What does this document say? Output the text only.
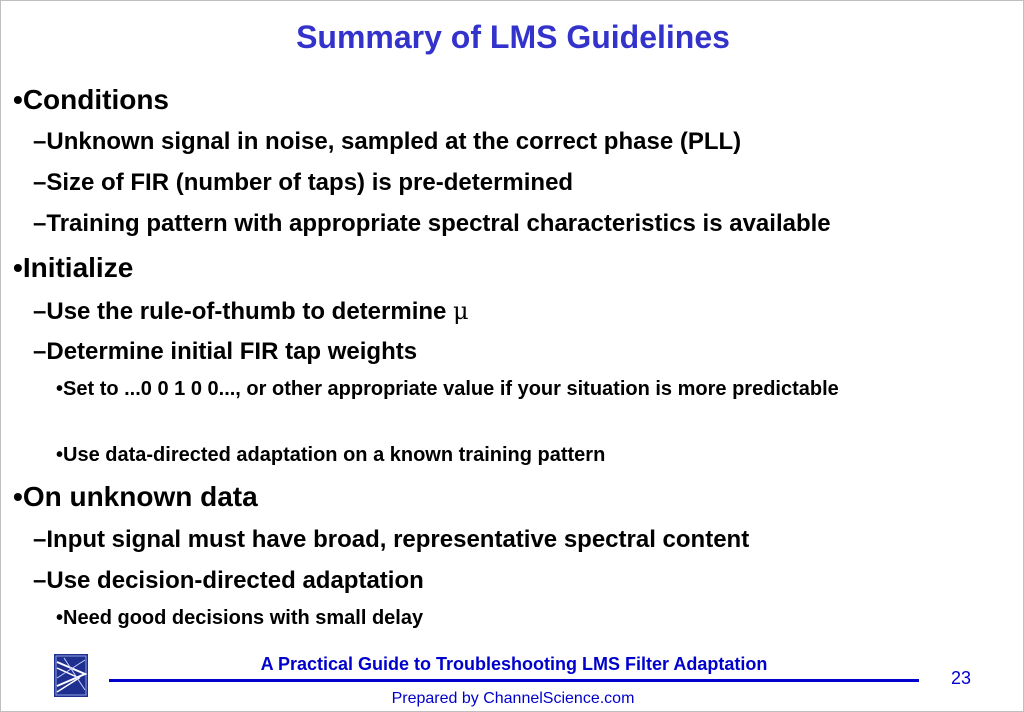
Summary of LMS Guidelines
•Conditions
–Unknown signal in noise, sampled at the correct phase (PLL)
–Size of FIR (number of taps) is pre-determined
–Training pattern with appropriate spectral characteristics is available
•Initialize
–Use the rule-of-thumb to determine μ
–Determine initial FIR tap weights
•Set to ...0 0 1 0 0..., or other appropriate value if your situation is more predictable
•Use data-directed adaptation on a known training pattern
•On unknown data
–Input signal must have broad, representative spectral content
–Use decision-directed adaptation
•Need good decisions with small delay
A Practical Guide to Troubleshooting LMS Filter Adaptation
23
Prepared by ChannelScience.com
